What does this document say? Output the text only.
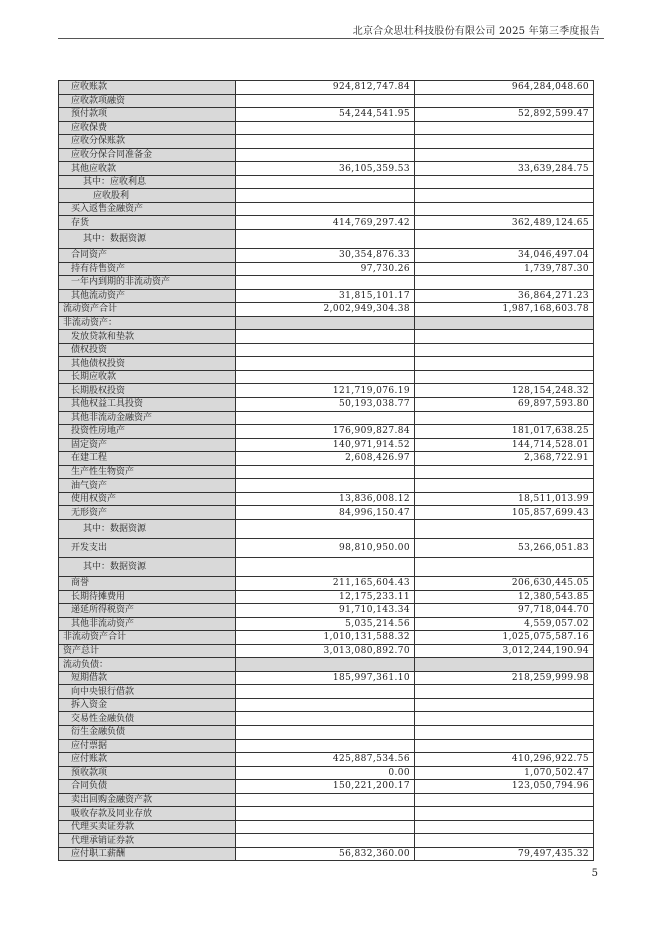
北京合众思壮科技股份有限公司 2025 年第三季度报告
应收账款	924,812,747.84	964,284,048.60
应收款项融资		
预付款项	54,244,541.95	52,892,599.47
应收保费		
应收分保账款		
应收分保合同准备金		
其他应收款	36,105,359.53	33,639,284.75
其中：应收利息		
应收股利		
买入返售金融资产		
存货	414,769,297.42	362,489,124.65
其中：数据资源		
合同资产	30,354,876.33	34,046,497.04
持有待售资产	97,730.26	1,739,787.30
一年内到期的非流动资产		
其他流动资产	31,815,101.17	36,864,271.23
流动资产合计	2,002,949,304.38	1,987,168,603.78
非流动资产：		
发放贷款和垫款		
债权投资		
其他债权投资		
长期应收款		
长期股权投资	121,719,076.19	128,154,248.32
其他权益工具投资	50,193,038.77	69,897,593.80
其他非流动金融资产		
投资性房地产	176,909,827.84	181,017,638.25
固定资产	140,971,914.52	144,714,528.01
在建工程	2,608,426.97	2,368,722.91
生产性生物资产		
油气资产		
使用权资产	13,836,008.12	18,511,013.99
无形资产	84,996,150.47	105,857,699.43
其中：数据资源		
开发支出	98,810,950.00	53,266,051.83
其中：数据资源		
商誉	211,165,604.43	206,630,445.05
长期待摊费用	12,175,233.11	12,380,543.85
递延所得税资产	91,710,143.34	97,718,044.70
其他非流动资产	5,035,214.56	4,559,057.02
非流动资产合计	1,010,131,588.32	1,025,075,587.16
资产总计	3,013,080,892.70	3,012,244,190.94
流动负债：		
短期借款	185,997,361.10	218,259,999.98
向中央银行借款		
拆入资金		
交易性金融负债		
衍生金融负债		
应付票据		
应付账款	425,887,534.56	410,296,922.75
预收款项	0.00	1,070,502.47
合同负债	150,221,200.17	123,050,794.96
卖出回购金融资产款		
吸收存款及同业存放		
代理买卖证券款		
代理承销证券款		
应付职工薪酬	56,832,360.00	79,497,435.32
5
